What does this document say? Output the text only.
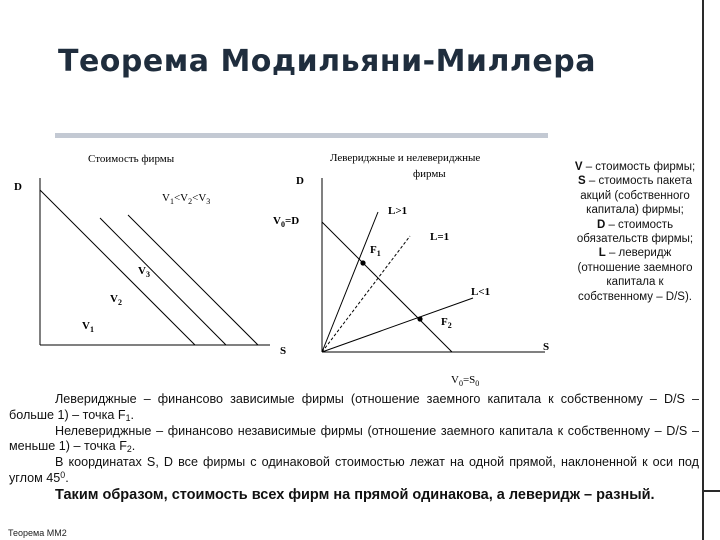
Теорема Модильяни-Миллера
Стоимость фирмы
D
$V_1<V_2<V_3$
$V_3$
$V_2$
$V_1$
Левериджные и нелевериджные
фирмы
D
$V_0=D$
L>1
L=1
L<1
$F_1$
$F_2$
S	S
$V_0=S_0$
V – стоимость фирмы;
S – стоимость пакета акций (собственного капитала) фирмы;
D – стоимость обязательств фирмы;
L – леверидж (отношение заемного капитала к собственному – D/S).

Левериджные – финансово зависимые фирмы (отношение заемного капитала к собственному – D/S – больше 1) – точка $F_1$.

Нелевериджные – финансово независимые фирмы (отношение заемного капитала к собственному – D/S – меньше 1) – точка $F_2$.

В координатах S, D все фирмы с одинаковой стоимостью лежат на одной прямой, наклоненной к оси под углом $45^0$.

Таким образом, стоимость всех фирм на прямой одинакова, а леверидж – разный.

Теорема ММ2
